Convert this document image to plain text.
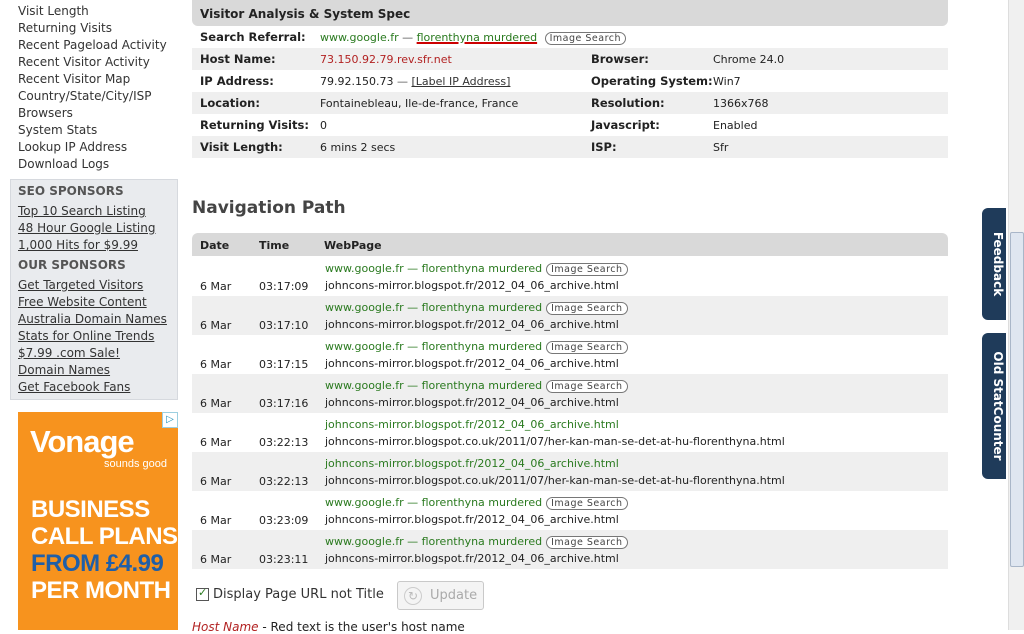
Visit Length
Returning Visits
Recent Pageload Activity
Recent Visitor Activity
Recent Visitor Map
Country/State/City/ISP
Browsers
System Stats
Lookup IP Address
Download Logs
SEO SPONSORS
Top 10 Search Listing
48 Hour Google Listing
1,000 Hits for $9.99
OUR SPONSORS
Get Targeted Visitors
Free Website Content
Australia Domain Names
Stats for Online Trends
$7.99 .com Sale!
Domain Names
Get Facebook Fans
▷
Vonage
sounds good
BUSINESS
CALL PLANS
FROM £4.99
PER MONTH
Visitor Analysis & System Spec
Search Referral: www.google.fr — florenthyna murdered Image Search
Host Name:	73.150.92.79.rev.sfr.net	Browser:	Chrome 24.0
IP Address:	79.92.150.73 — [Label IP Address]	Operating System: Win7
Location:	Fontainebleau, Ile-de-france, France	Resolution:	1366x768
Returning Visits: 0	Javascript:	Enabled
Visit Length:	6 mins 2 secs	ISP:	Sfr
Navigation Path
Date	Time	WebPage
6 Mar	03:17:09
www.google.fr — florenthyna murdered Image Search
johncons-mirror.blogspot.fr/2012_04_06_archive.html
6 Mar	03:17:10
www.google.fr — florenthyna murdered Image Search
johncons-mirror.blogspot.fr/2012_04_06_archive.html
6 Mar	03:17:15
www.google.fr — florenthyna murdered Image Search
johncons-mirror.blogspot.fr/2012_04_06_archive.html
6 Mar	03:17:16
www.google.fr — florenthyna murdered Image Search
johncons-mirror.blogspot.fr/2012_04_06_archive.html
6 Mar	03:22:13
johncons-mirror.blogspot.fr/2012_04_06_archive.html
johncons-mirror.blogspot.co.uk/2011/07/her-kan-man-se-det-at-hu-florenthyna.html
6 Mar	03:22:13
johncons-mirror.blogspot.fr/2012_04_06_archive.html
johncons-mirror.blogspot.co.uk/2011/07/her-kan-man-se-det-at-hu-florenthyna.html
6 Mar	03:23:09
www.google.fr — florenthyna murdered Image Search
johncons-mirror.blogspot.fr/2012_04_06_archive.html
6 Mar	03:23:11
www.google.fr — florenthyna murdered Image Search
johncons-mirror.blogspot.fr/2012_04_06_archive.html
✓
Display Page URL not Title	↻ Update
Host Name - Red text is the user's host name
Feedback
Old StatCounter
